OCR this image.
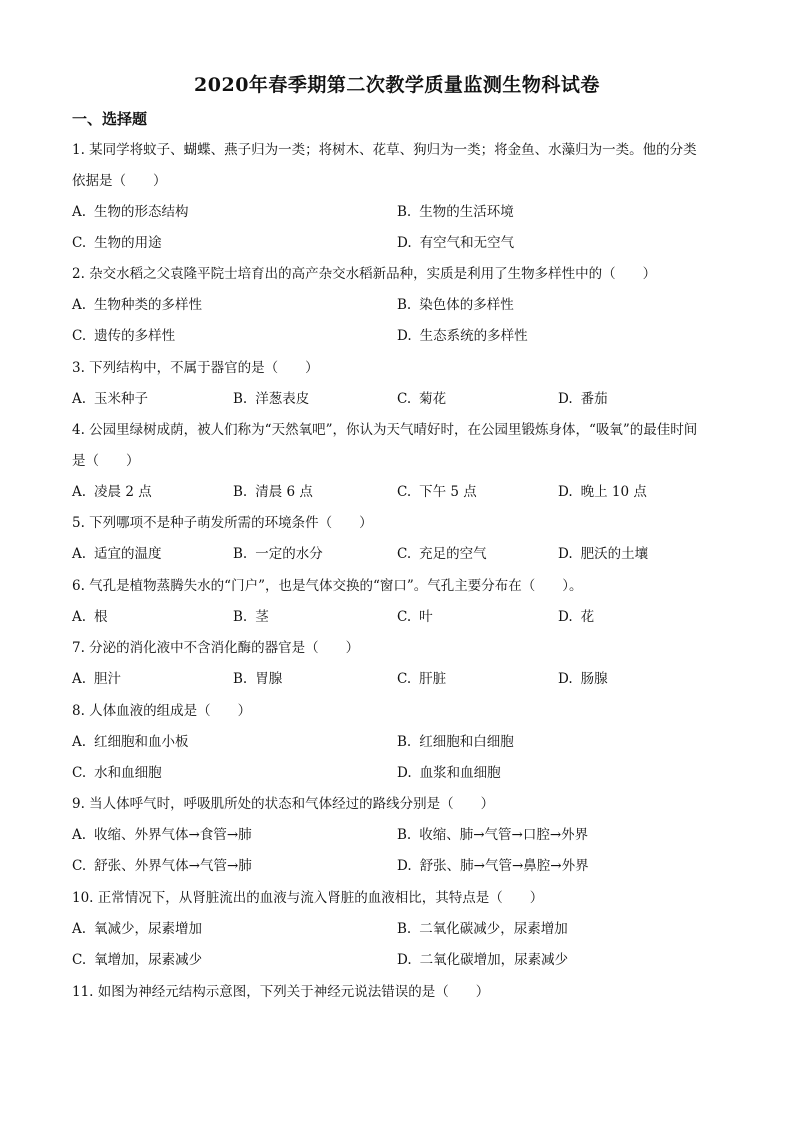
2020年春季期第二次教学质量监测生物科试卷
一、选择题
1. 某同学将蚊子、蝴蝶、燕子归为一类；将树木、花草、狗归为一类；将金鱼、水藻归为一类。他的分类
依据是（　　）
A. 生物的形态结构	B. 生物的生活环境
C. 生物的用途	D. 有空气和无空气
2. 杂交水稻之父袁隆平院士培育出的高产杂交水稻新品种，实质是利用了生物多样性中的（　　）
A. 生物种类的多样性	B. 染色体的多样性
C. 遗传的多样性	D. 生态系统的多样性
3. 下列结构中，不属于器官的是（　　）
A. 玉米种子	B. 洋葱表皮	C. 菊花	D. 番茄
4. 公园里绿树成荫，被人们称为“天然氧吧”，你认为天气晴好时，在公园里锻炼身体，“吸氧”的最佳时间
是（　　）
A. 凌晨 2 点	B. 清晨 6 点	C. 下午 5 点	D. 晚上 10 点
5. 下列哪项不是种子萌发所需的环境条件（　　）
A. 适宜的温度	B. 一定的水分	C. 充足的空气	D. 肥沃的土壤
6. 气孔是植物蒸腾失水的“门户”，也是气体交换的“窗口”。气孔主要分布在（　　）。
A. 根	B. 茎	C. 叶	D. 花
7. 分泌的消化液中不含消化酶的器官是（　　）
A. 胆汁	B. 胃腺	C. 肝脏	D. 肠腺
8. 人体血液的组成是（　　）
A. 红细胞和血小板	B. 红细胞和白细胞
C. 水和血细胞	D. 血浆和血细胞
9. 当人体呼气时，呼吸肌所处的状态和气体经过的路线分别是（　　）
A. 收缩、外界气体→食管→肺	B. 收缩、肺→气管→口腔→外界
C. 舒张、外界气体→气管→肺	D. 舒张、肺→气管→鼻腔→外界
10. 正常情况下，从肾脏流出的血液与流入肾脏的血液相比，其特点是（　　）
A. 氧减少，尿素增加	B. 二氧化碳减少，尿素增加
C. 氧增加，尿素减少	D. 二氧化碳增加，尿素减少
11. 如图为神经元结构示意图，下列关于神经元说法错误的是（　　）
